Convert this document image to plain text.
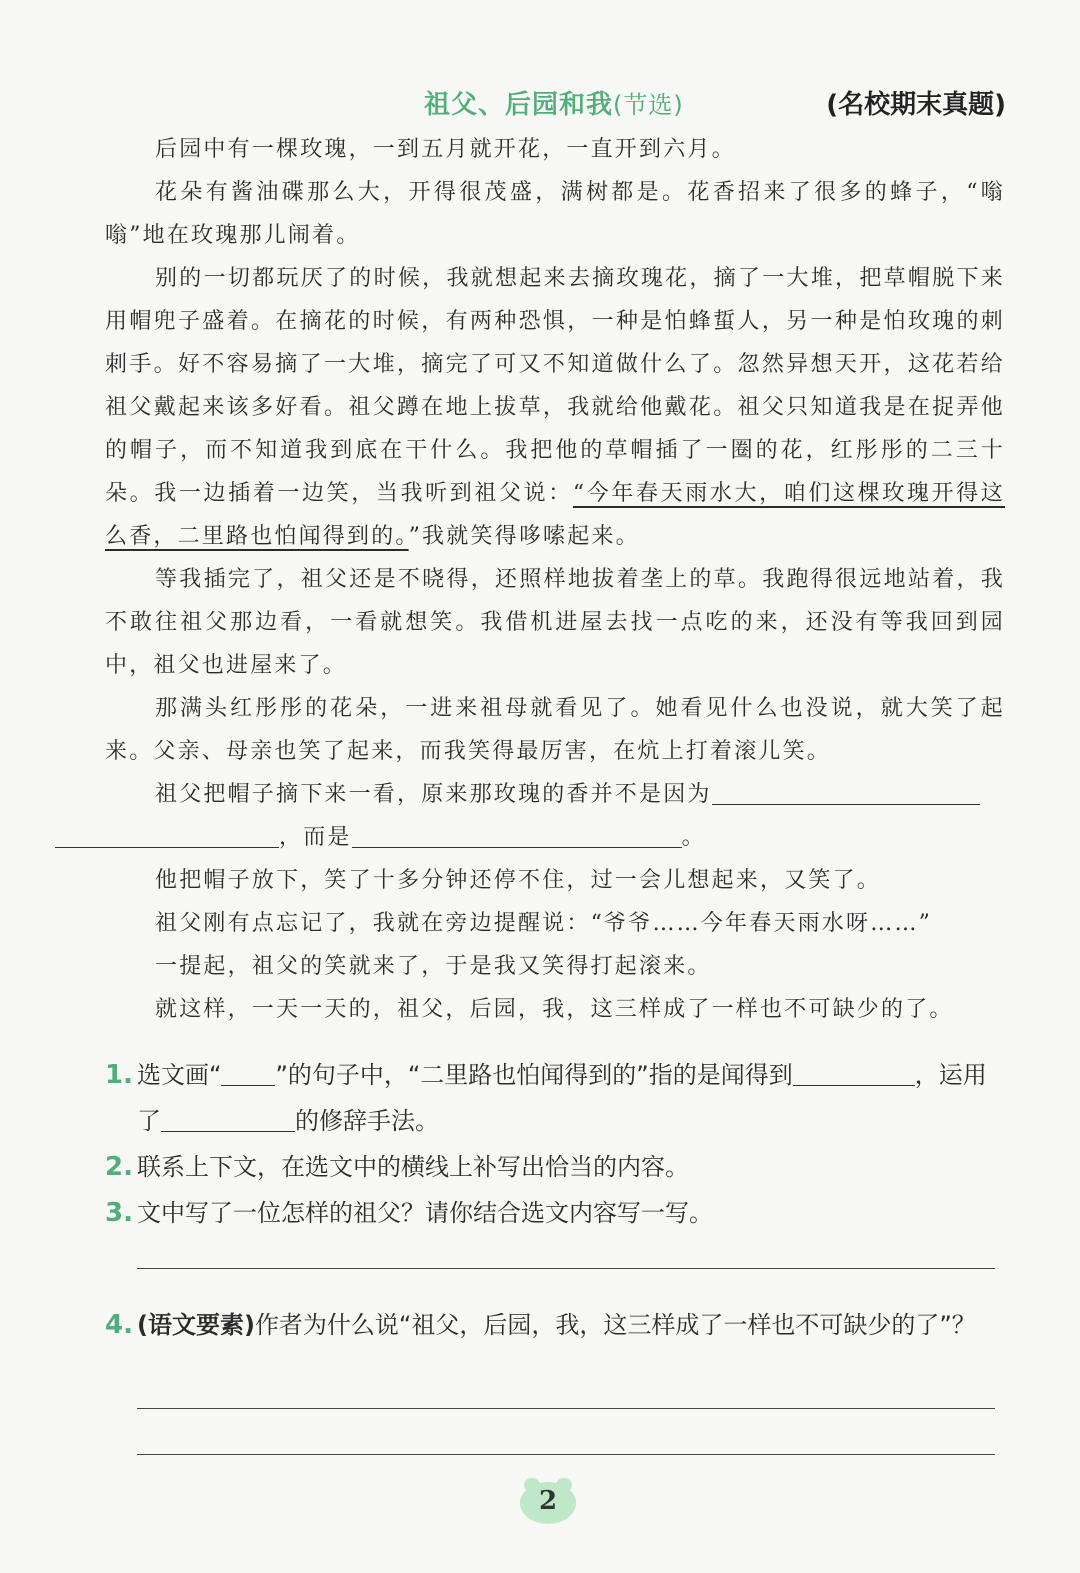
祖父、后园和我(节选)	(名校期末真题)

后园中有一棵玫瑰，一到五月就开花，一直开到六月。

花朵有酱油碟那么大，开得很茂盛，满树都是。花香招来了很多的蜂子，“嗡嗡”地在玫瑰那儿闹着。

别的一切都玩厌了的时候，我就想起来去摘玫瑰花，摘了一大堆，把草帽脱下来用帽兜子盛着。在摘花的时候，有两种恐惧，一种是怕蜂蜇人，另一种是怕玫瑰的刺刺手。好不容易摘了一大堆，摘完了可又不知道做什么了。忽然异想天开，这花若给祖父戴起来该多好看。祖父蹲在地上拔草，我就给他戴花。祖父只知道我是在捉弄他的帽子，而不知道我到底在干什么。我把他的草帽插了一圈的花，红彤彤的二三十朵。我一边插着一边笑，当我听到祖父说：“今年春天雨水大，咱们这棵玫瑰开得这么香，二里路也怕闻得到的。”我就笑得哆嗦起来。

等我插完了，祖父还是不晓得，还照样地拔着垄上的草。我跑得很远地站着，我不敢往祖父那边看，一看就想笑。我借机进屋去找一点吃的来，还没有等我回到园中，祖父也进屋来了。

那满头红彤彤的花朵，一进来祖母就看见了。她看见什么也没说，就大笑了起来。父亲、母亲也笑了起来，而我笑得最厉害，在炕上打着滚儿笑。

祖父把帽子摘下来一看，原来那玫瑰的香并不是因为
，而是	。

他把帽子放下，笑了十多分钟还停不住，过一会儿想起来，又笑了。

祖父刚有点忘记了，我就在旁边提醒说：“爷爷……今年春天雨水呀……”

一提起，祖父的笑就来了，于是我又笑得打起滚来。

就这样，一天一天的，祖父，后园，我，这三样成了一样也不可缺少的了。

1. 选文画“ ”的句子中，“二里路也怕闻得到的”指的是闻得到	，运用了	的修辞手法。

2. 联系上下文，在选文中的横线上补写出恰当的内容。

3. 文中写了一位怎样的祖父？请你结合选文内容写一写。

4. (语文要素)作者为什么说“祖父，后园，我，这三样成了一样也不可缺少的了”？

2
